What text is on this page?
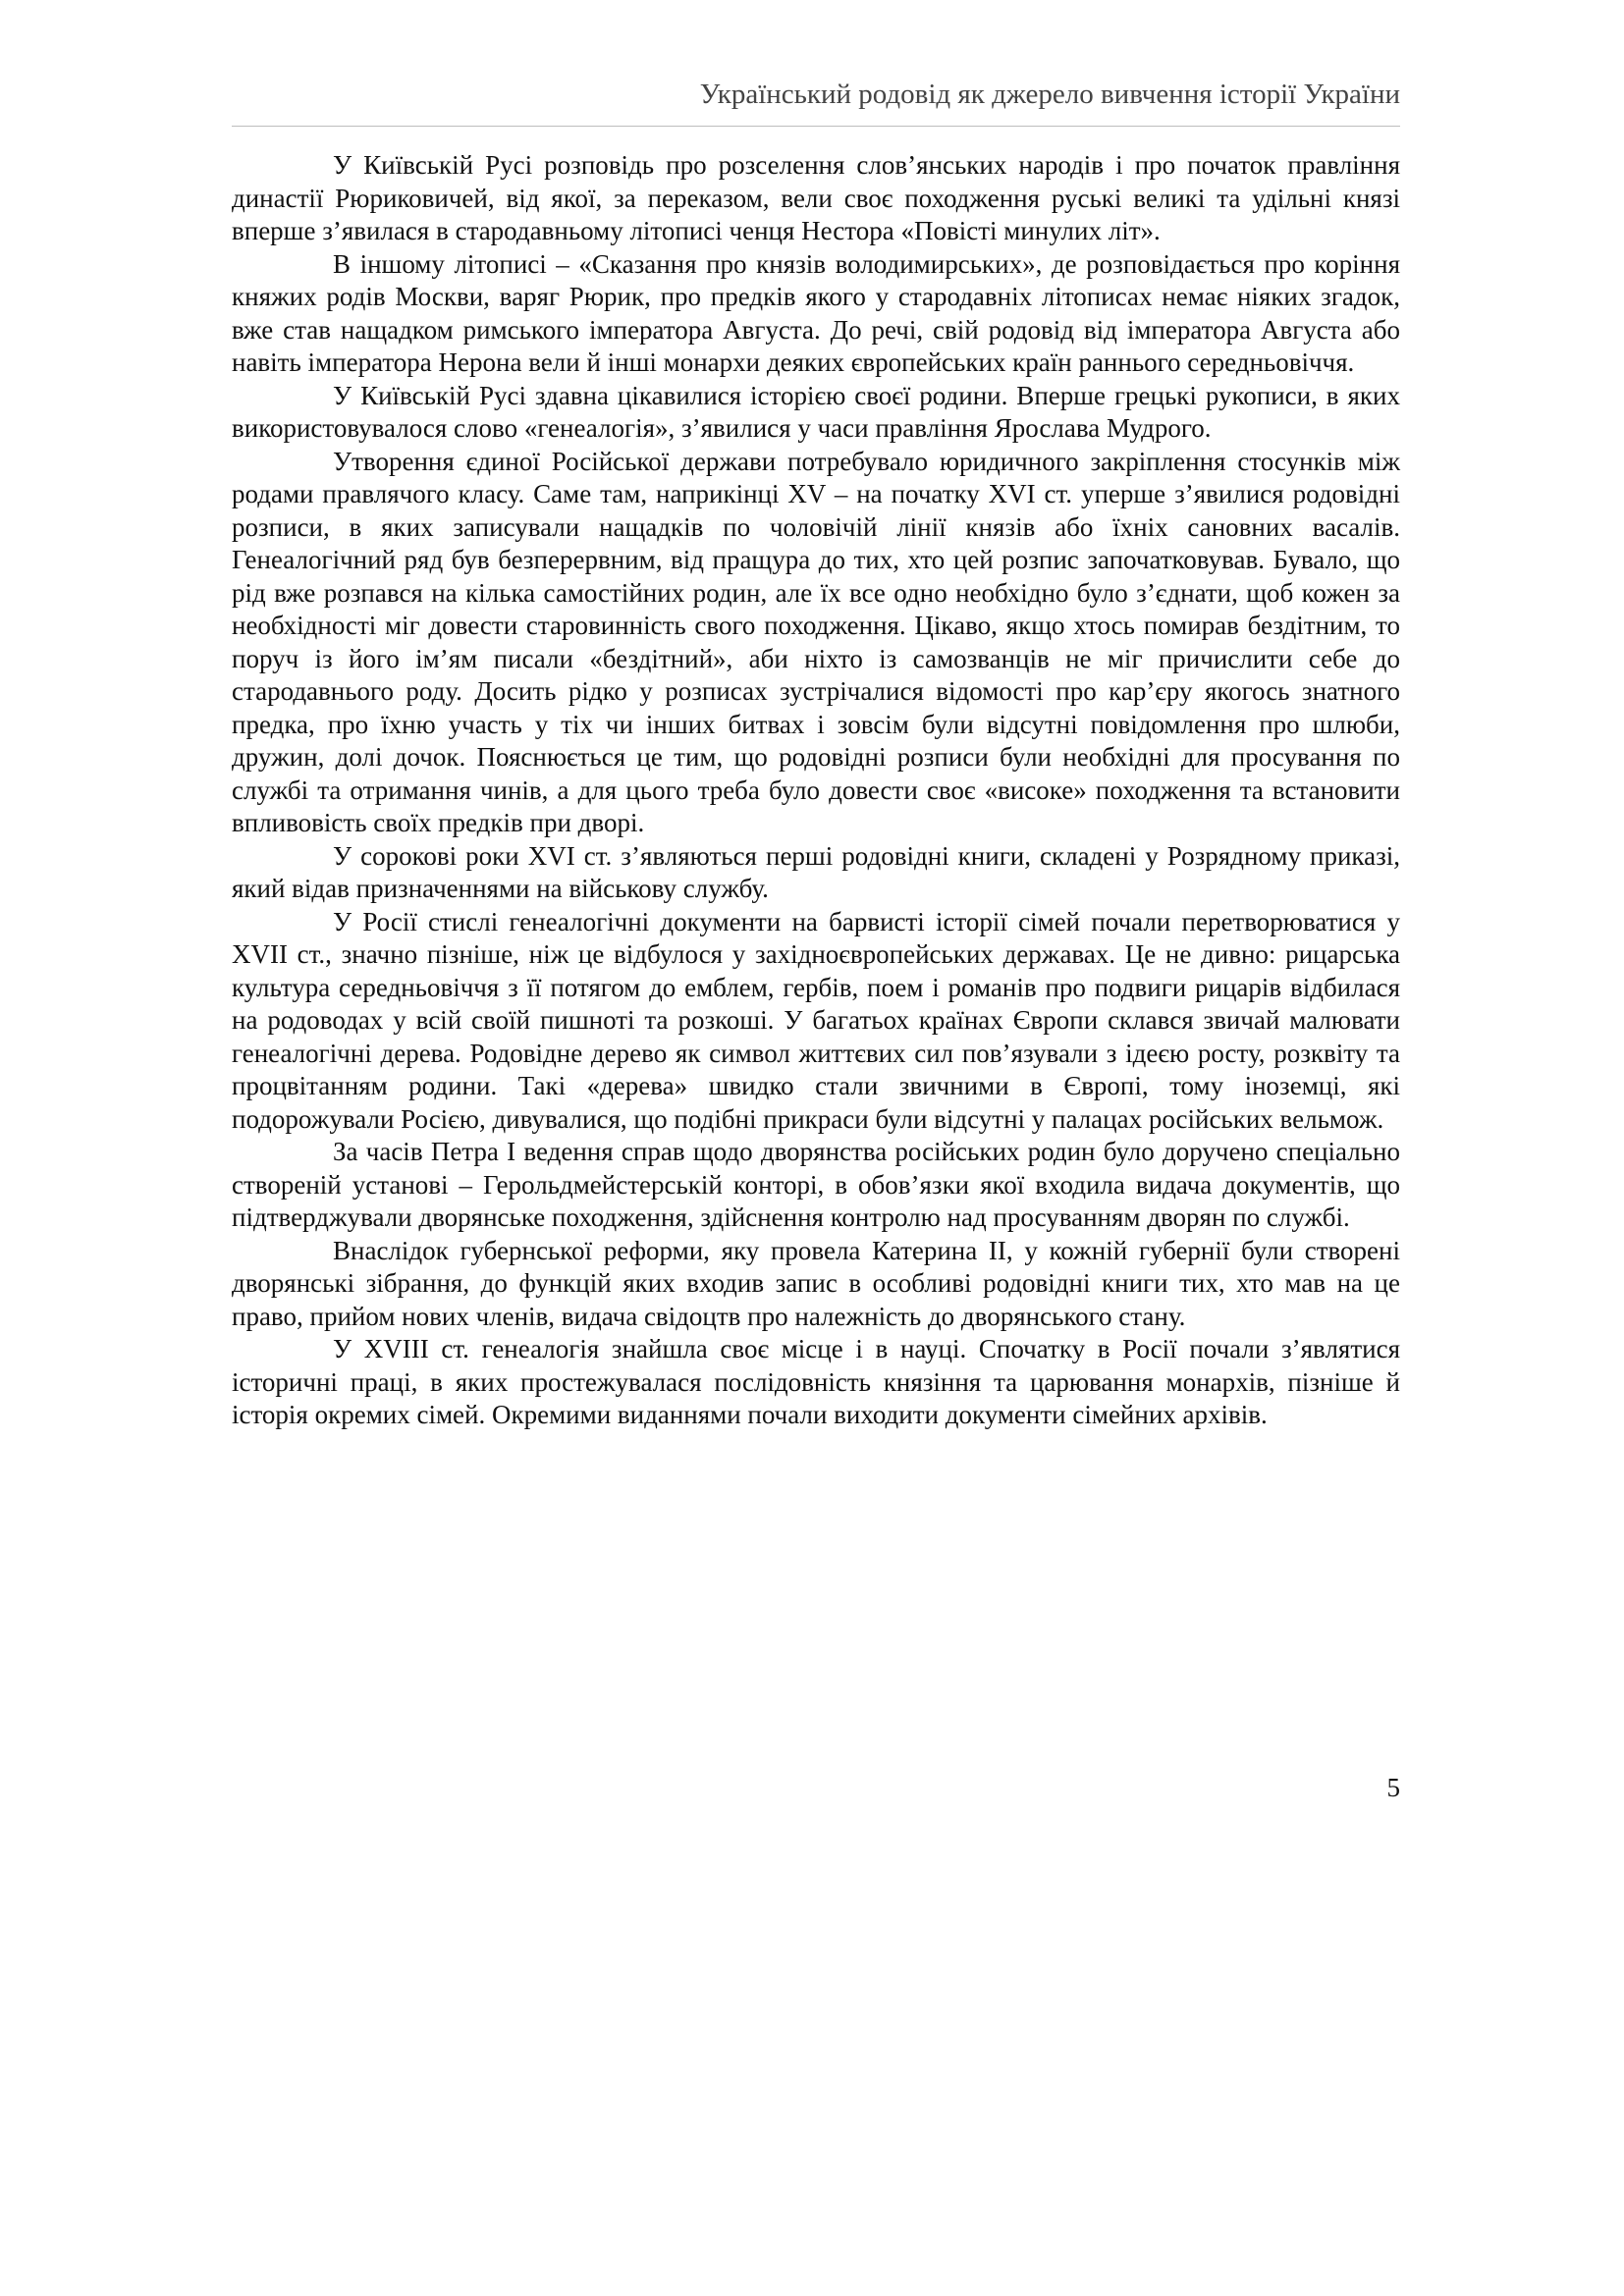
Український родовід як джерело вивчення історії України

У Київській Русі розповідь про розселення слов’янських народів і про початок правління династії Рюриковичей, від якої, за переказом, вели своє походження руські великі та удільні князі вперше з’явилася в стародавньому літописі ченця Нестора «Повісті минулих літ».

В іншому літописі – «Сказання про князів володимирських», де розповідається про коріння княжих родів Москви, варяг Рюрик, про предків якого у стародавніх літописах немає ніяких згадок, вже став нащадком римського імператора Августа. До речі, свій родовід від імператора Августа або навіть імператора Нерона вели й інші монархи деяких європейських країн раннього середньовіччя.

У Київській Русі здавна цікавилися історією своєї родини. Вперше грецькі рукописи, в яких використовувалося слово «генеалогія», з’явилися у часи правління Ярослава Мудрого.

Утворення єдиної Російської держави потребувало юридичного закріплення стосунків між родами правлячого класу. Саме там, наприкінці XV – на початку XVI ст. уперше з’явилися родовідні розписи, в яких записували нащадків по чоловічій лінії князів або їхніх сановних васалів. Генеалогічний ряд був безперервним, від пращура до тих, хто цей розпис започатковував. Бувало, що рід вже розпався на кілька самостійних родин, але їх все одно необхідно було з’єднати, щоб кожен за необхідності міг довести старовинність свого походження. Цікаво, якщо хтось помирав бездітним, то поруч із його ім’ям писали «бездітний», аби ніхто із самозванців не міг причислити себе до стародавнього роду. Досить рідко у розписах зустрічалися відомості про кар’єру якогось знатного предка, про їхню участь у тіх чи інших битвах і зовсім були відсутні повідомлення про шлюби, дружин, долі дочок. Пояснюється це тим, що родовідні розписи були необхідні для просування по службі та отримання чинів, а для цього треба було довести своє «високе» походження та встановити впливовість своїх предків при дворі.

У сорокові роки XVI ст. з’являються перші родовідні книги, складені у Розрядному приказі, який відав призначеннями на військову службу.

У Росії стислі генеалогічні документи на барвисті історії сімей почали перетворюватися у XVII ст., значно пізніше, ніж це відбулося у західноєвропейських державах. Це не дивно: рицарська культура середньовіччя з її потягом до емблем, гербів, поем і романів про подвиги рицарів відбилася на родоводах у всій своїй пишноті та розкоші. У багатьох країнах Європи склався звичай малювати генеалогічні дерева. Родовідне дерево як символ життєвих сил пов’язували з ідеєю росту, розквіту та процвітанням родини. Такі «дерева» швидко стали звичними в Європі, тому іноземці, які подорожували Росією, дивувалися, що подібні прикраси були відсутні у палацах російських вельмож.

За часів Петра I ведення справ щодо дворянства російських родин було доручено спеціально створеній установі – Герольдмейстерській конторі, в обов’язки якої входила видача документів, що підтверджували дворянське походження, здійснення контролю над просуванням дворян по службі.

Внаслідок губернської реформи, яку провела Катерина II, у кожній губернії були створені дворянські зібрання, до функцій яких входив запис в особливі родовідні книги тих, хто мав на це право, прийом нових членів, видача свідоцтв про належність до дворянського стану.

У XVIII ст. генеалогія знайшла своє місце і в науці. Спочатку в Росії почали з’являтися історичні праці, в яких простежувалася послідовність князіння та царювання монархів, пізніше й історія окремих сімей. Окремими виданнями почали виходити документи сімейних архівів.

5
